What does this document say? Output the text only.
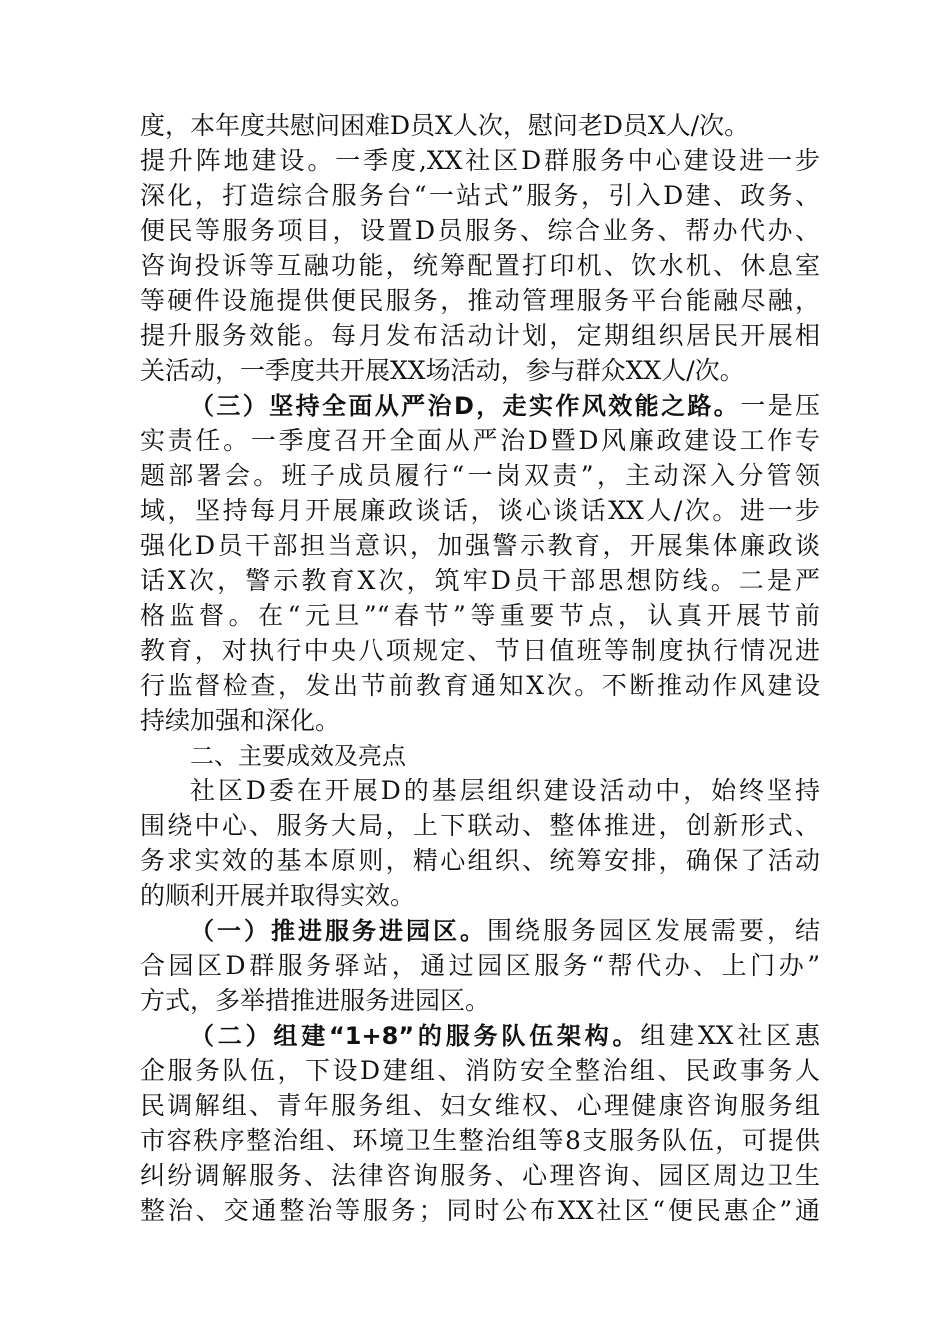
度，本年度共慰问困难D员X人次，慰问老D员X人/次。
提升阵地建设。一季度,XX社区D群服务中心建设进一步
深化，打造综合服务台“一站式”服务，引入D建、政务、
便民等服务项目，设置D员服务、综合业务、帮办代办、
咨询投诉等互融功能，统筹配置打印机、饮水机、休息室
等硬件设施提供便民服务，推动管理服务平台能融尽融，
提升服务效能。每月发布活动计划，定期组织居民开展相
关活动，一季度共开展XX场活动，参与群众XX人/次。
（三）坚持全面从严治D，走实作风效能之路。一是压
实责任。一季度召开全面从严治D暨D风廉政建设工作专
题部署会。班子成员履行“一岗双责”，主动深入分管领
域，坚持每月开展廉政谈话，谈心谈话XX人/次。进一步
强化D员干部担当意识，加强警示教育，开展集体廉政谈
话X次，警示教育X次，筑牢D员干部思想防线。二是严
格监督。在“元旦”“春节”等重要节点，认真开展节前
教育，对执行中央八项规定、节日值班等制度执行情况进
行监督检查，发出节前教育通知X次。不断推动作风建设
持续加强和深化。
二、主要成效及亮点
社区D委在开展D的基层组织建设活动中，始终坚持
围绕中心、服务大局，上下联动、整体推进，创新形式、
务求实效的基本原则，精心组织、统筹安排，确保了活动
的顺利开展并取得实效。
（一）推进服务进园区。围绕服务园区发展需要，结
合园区D群服务驿站，通过园区服务“帮代办、上门办”
方式，多举措推进服务进园区。
（二）组建“1+8”的服务队伍架构。组建XX社区惠
企服务队伍，下设D建组、消防安全整治组、民政事务人
民调解组、青年服务组、妇女维权、心理健康咨询服务组
市容秩序整治组、环境卫生整治组等8支服务队伍，可提供
纠纷调解服务、法律咨询服务、心理咨询、园区周边卫生
整治、交通整治等服务；同时公布XX社区“便民惠企”通
